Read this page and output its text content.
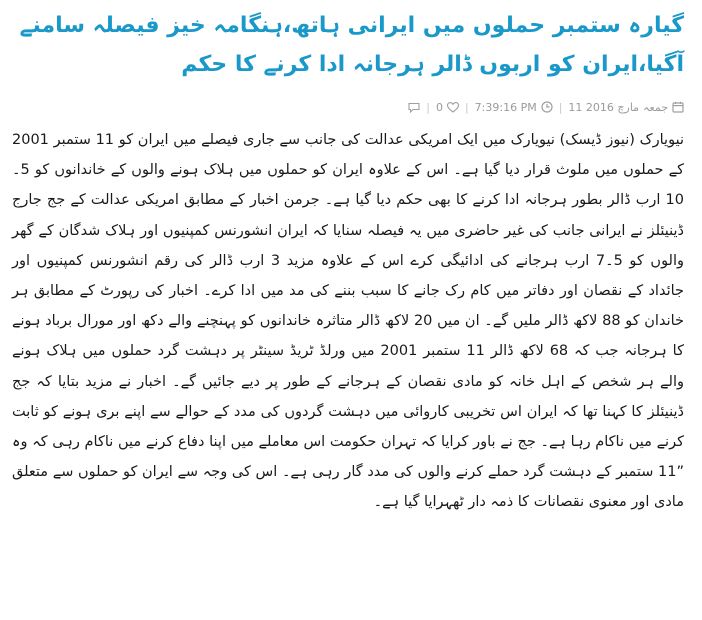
گیارہ ستمبر حملوں میں ایرانی ہاتھ،ہنگامہ خیز فیصلہ سامنے آگیا،ایران کو اربوں ڈالر ہرجانہ ادا کرنے کا حکم
جمعہ
11 مارچ 2016
|
7:39:16 PM
|
0
|

نیویارک (نیوز ڈیسک) نیویارک میں ایک امریکی عدالت کی جانب سے جاری فیصلے میں ایران کو 11 ستمبر 2001 کے حملوں میں ملوث قرار دیا گیا ہے۔ اس کے علاوہ ایران کو حملوں میں ہلاک ہونے والوں کے خاندانوں کو 5۔10 ارب ڈالر بطور ہرجانہ ادا کرنے کا بھی حکم دیا گیا ہے۔ جرمن اخبار کے مطابق امریکی عدالت کے جج جارج ڈینیئلز نے ایرانی جانب کی غیر حاضری میں یہ فیصلہ سنایا کہ ایران انشورنس کمپنیوں اور ہلاک شدگان کے گھر والوں کو 5۔7 ارب ہرجانے کی ادائیگی کرے اس کے علاوہ مزید 3 ارب ڈالر کی رقم انشورنس کمپنیوں اور جائداد کے نقصان اور دفاتر میں کام رک جانے کا سبب بننے کی مد میں ادا کرے۔ اخبار کی رپورٹ کے مطابق ہر خاندان کو 88 لاکھ ڈالر ملیں گے۔ ان میں 20 لاکھ ڈالر متاثرہ خاندانوں کو پہنچنے والے دکھ اور مورال برباد ہونے کا ہرجانہ جب کہ 68 لاکھ ڈالر 11 ستمبر 2001 میں ورلڈ ٹریڈ سینٹر پر دہشت گرد حملوں میں ہلاک ہونے والے ہر شخص کے اہل خانہ کو مادی نقصان کے ہرجانے کے طور پر دیے جائیں گے۔ اخبار نے مزید بتایا کہ جج ڈینیئلز کا کہنا تھا کہ ایران اس تخریبی کاروائی میں دہشت گردوں کی مدد کے حوالے سے اپنے بری ہونے کو ثابت کرنے میں ناکام رہا ہے۔ جج نے باور کرایا کہ تہران حکومت اس معاملے میں اپنا دفاع کرنے میں ناکام رہی کہ وہ ”11 ستمبر کے دہشت گرد حملے کرنے والوں کی مدد گار رہی ہے۔ اس کی وجہ سے ایران کو حملوں سے متعلق مادی اور معنوی نقصانات کا ذمہ دار ٹھہرایا گیا ہے۔
